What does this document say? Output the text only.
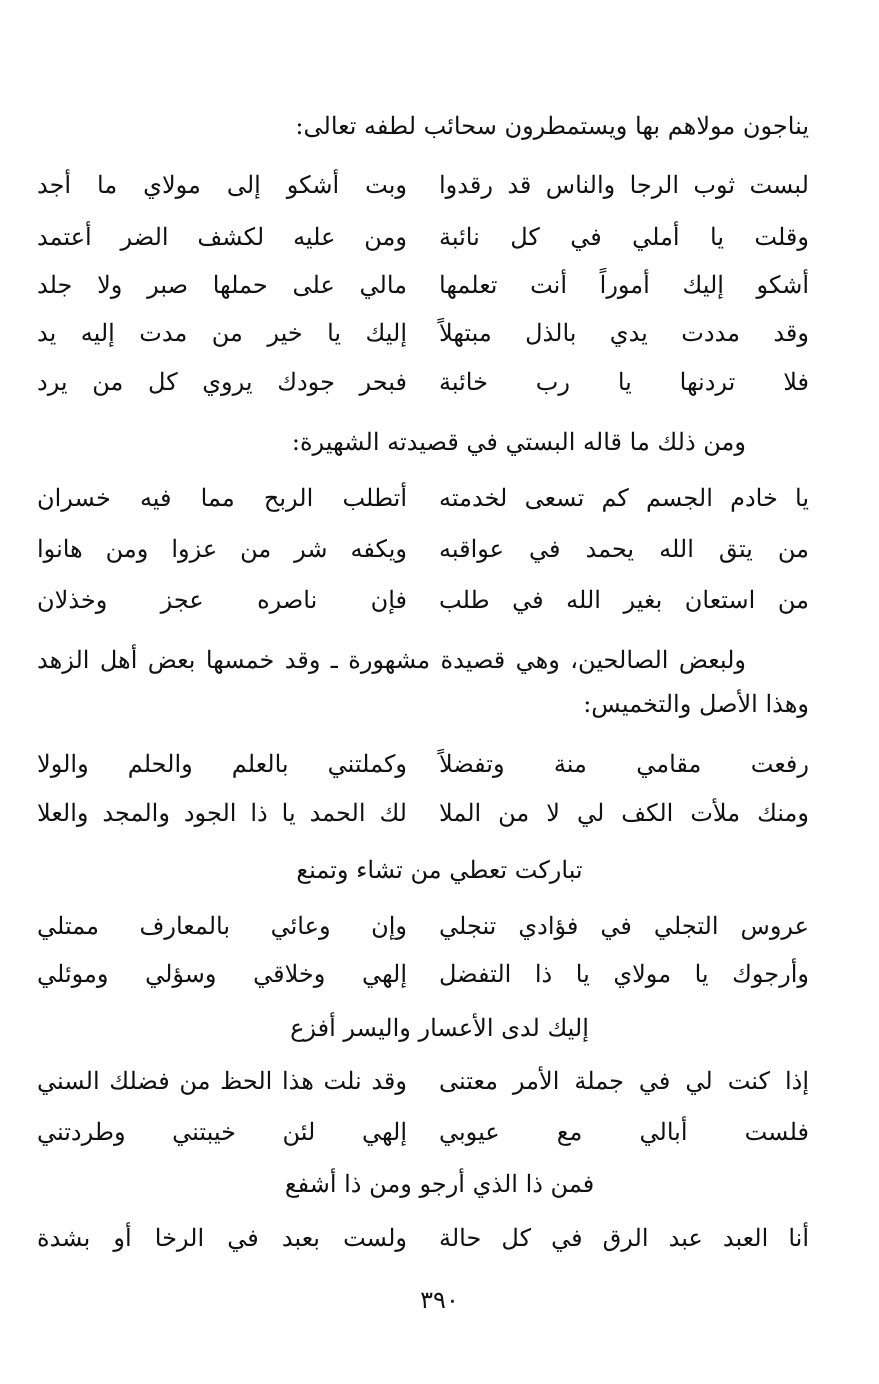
يناجون مولاهم بها ويستمطرون سحائب لطفه تعالى:
لبست ثوب الرجا والناس قد رقدوا
وبت أشكو إلى مولاي ما أجد
وقلت يا أملي في كل نائبة
ومن عليه لكشف الضر أعتمد
أشكو إليك أموراً أنت تعلمها
مالي على حملها صبر ولا جلد
وقد مددت يدي بالذل مبتهلاً
إليك يا خير من مدت إليه يد
فلا تردنها يا رب خائبة
فبحر جودك يروي كل من يرد
ومن ذلك ما قاله البستي في قصيدته الشهيرة:
يا خادم الجسم كم تسعى لخدمته
أتطلب الربح مما فيه خسران
من يتق الله يحمد في عواقبه
ويكفه شر من عزوا ومن هانوا
من استعان بغير الله في طلب
فإن ناصره عجز وخذلان
ولبعض الصالحين، وهي قصيدة مشهورة ـ وقد خمسها بعض أهل الزهد
وهذا الأصل والتخميس:
رفعت مقامي منة وتفضلاً
وكملتني بالعلم والحلم والولا
ومنك ملأت الكف لي لا من الملا
لك الحمد يا ذا الجود والمجد والعلا
تباركت تعطي من تشاء وتمنع
عروس التجلي في فؤادي تنجلي
وإن وعائي بالمعارف ممتلي
وأرجوك يا مولاي يا ذا التفضل
إلهي وخلاقي وسؤلي وموئلي
إليك لدى الأعسار واليسر أفزع
إذا كنت لي في جملة الأمر معتنى
وقد نلت هذا الحظ من فضلك السني
فلست أبالي مع عيوبي
إلهي لئن خيبتني وطردتني
فمن ذا الذي أرجو ومن ذا أشفع
أنا العبد عبد الرق في كل حالة
ولست بعبد في الرخا أو بشدة
٣٩٠
